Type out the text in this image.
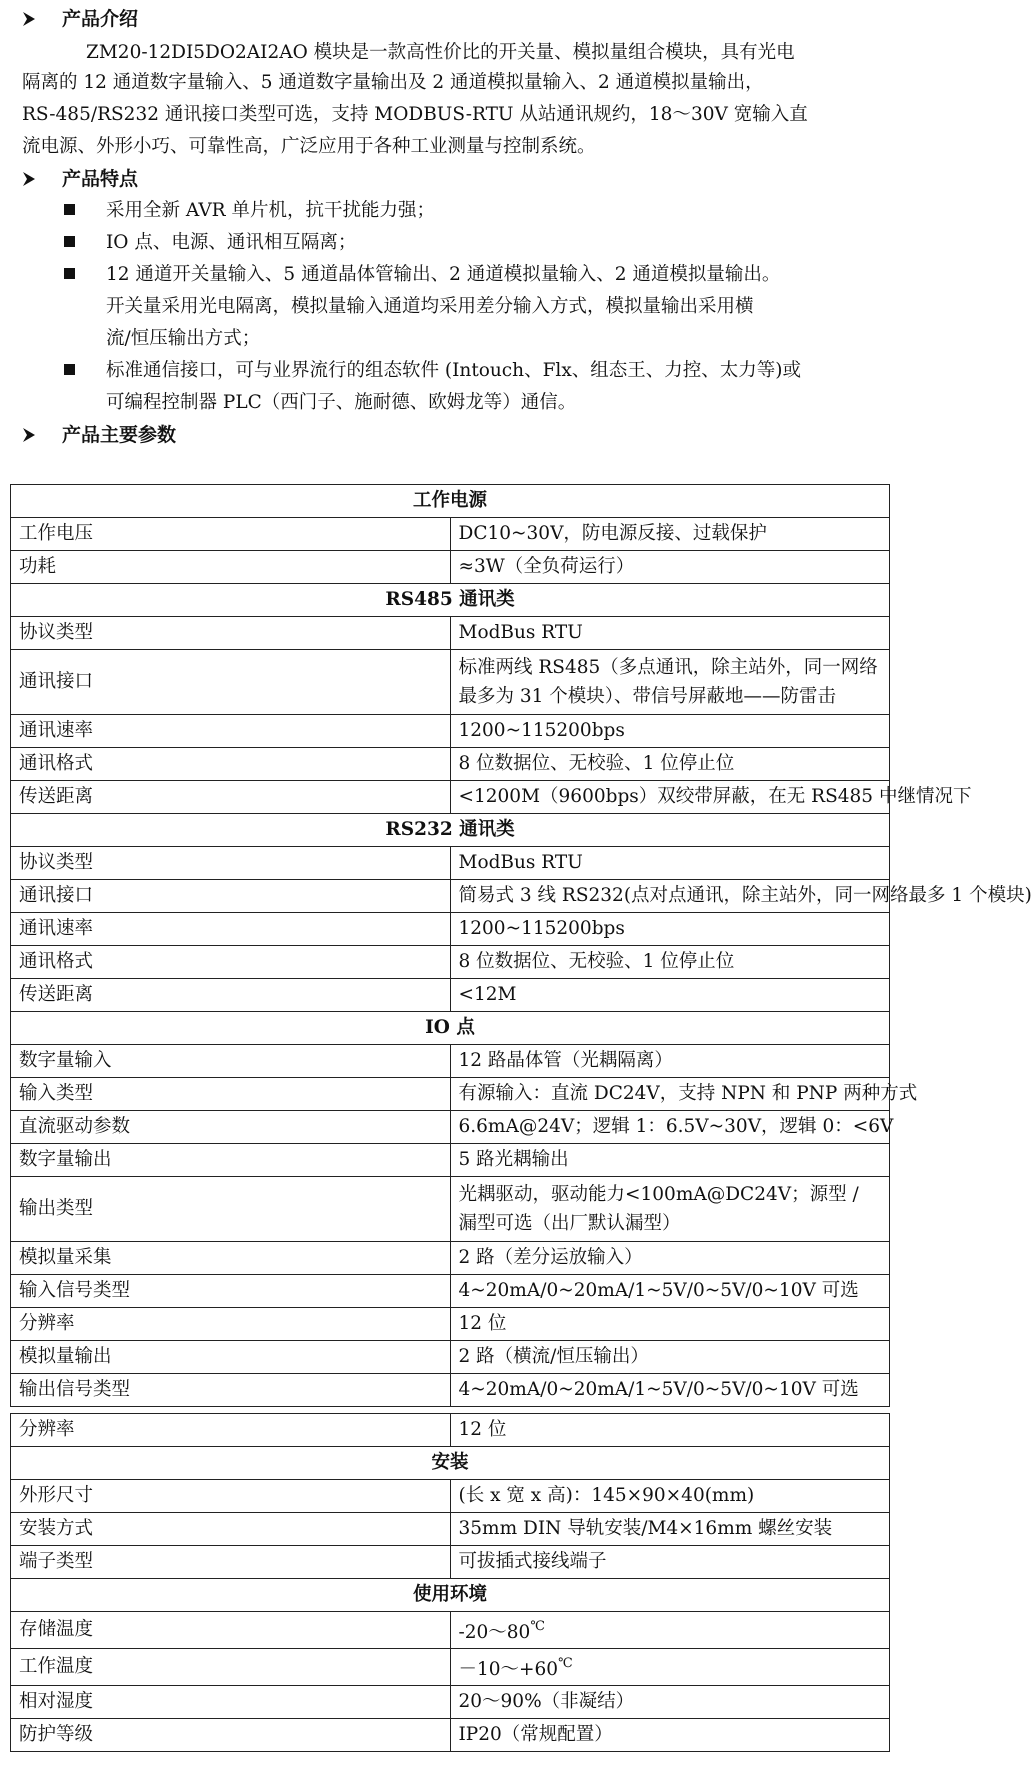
产品介绍
ZM20-12DI5DO2AI2AO 模块是一款高性价比的开关量、模拟量组合模块，具有光电
隔离的 12 通道数字量输入、5 通道数字量输出及 2 通道模拟量输入、2 通道模拟量输出，
RS-485/RS232 通讯接口类型可选，支持 MODBUS-RTU 从站通讯规约，18～30V 宽输入直
流电源、外形小巧、可靠性高，广泛应用于各种工业测量与控制系统。
产品特点
采用全新 AVR 单片机，抗干扰能力强；
IO 点、电源、通讯相互隔离；
12 通道开关量输入、5 通道晶体管输出、2 通道模拟量输入、2 通道模拟量输出。
开关量采用光电隔离，模拟量输入通道均采用差分输入方式，模拟量输出采用横
流/恒压输出方式；
标准通信接口，可与业界流行的组态软件 (Intouch、Flx、组态王、力控、太力等)或
可编程控制器 PLC（西门子、施耐德、欧姆龙等）通信。
产品主要参数
工作电源	
工作电压	DC10~30V，防电源反接、过载保护
功耗	≈3W（全负荷运行）
RS485 通讯类	
协议类型	ModBus RTU
通讯接口	标准两线 RS485（多点通讯，除主站外，同一网络最多为 31 个模块）、带信号屏蔽地——防雷击
通讯速率	1200~115200bps
通讯格式	8 位数据位、无校验、1 位停止位
传送距离	<1200M（9600bps）双绞带屏蔽，在无 RS485 中继情况下
RS232 通讯类	
协议类型	ModBus RTU
通讯接口	简易式 3 线 RS232(点对点通讯，除主站外，同一网络最多 1 个模块)
通讯速率	1200~115200bps
通讯格式	8 位数据位、无校验、1 位停止位
传送距离	<12M
IO 点	
数字量输入	12 路晶体管（光耦隔离）
输入类型	有源输入：直流 DC24V，支持 NPN 和 PNP 两种方式
直流驱动参数	6.6mA@24V；逻辑 1：6.5V~30V，逻辑 0：<6V
数字量输出	5 路光耦输出
输出类型	光耦驱动，驱动能力<100mA@DC24V；源型 / 漏型可选（出厂默认漏型）
模拟量采集	2 路（差分运放输入）
输入信号类型	4~20mA/0~20mA/1~5V/0~5V/0~10V 可选
分辨率	12 位
模拟量输出	2 路（横流/恒压输出）
输出信号类型	4~20mA/0~20mA/1~5V/0~5V/0~10V 可选

分辨率	12 位
安装	
外形尺寸	(长 x 宽 x 高)：145×90×40(mm)
安装方式	35mm DIN 导轨安装/M4×16mm 螺丝安装
端子类型	可拔插式接线端子
使用环境	
存储温度	-20～80℃
工作温度	－10～+60℃
相对湿度	20～90%（非凝结）
防护等级	IP20（常规配置）
